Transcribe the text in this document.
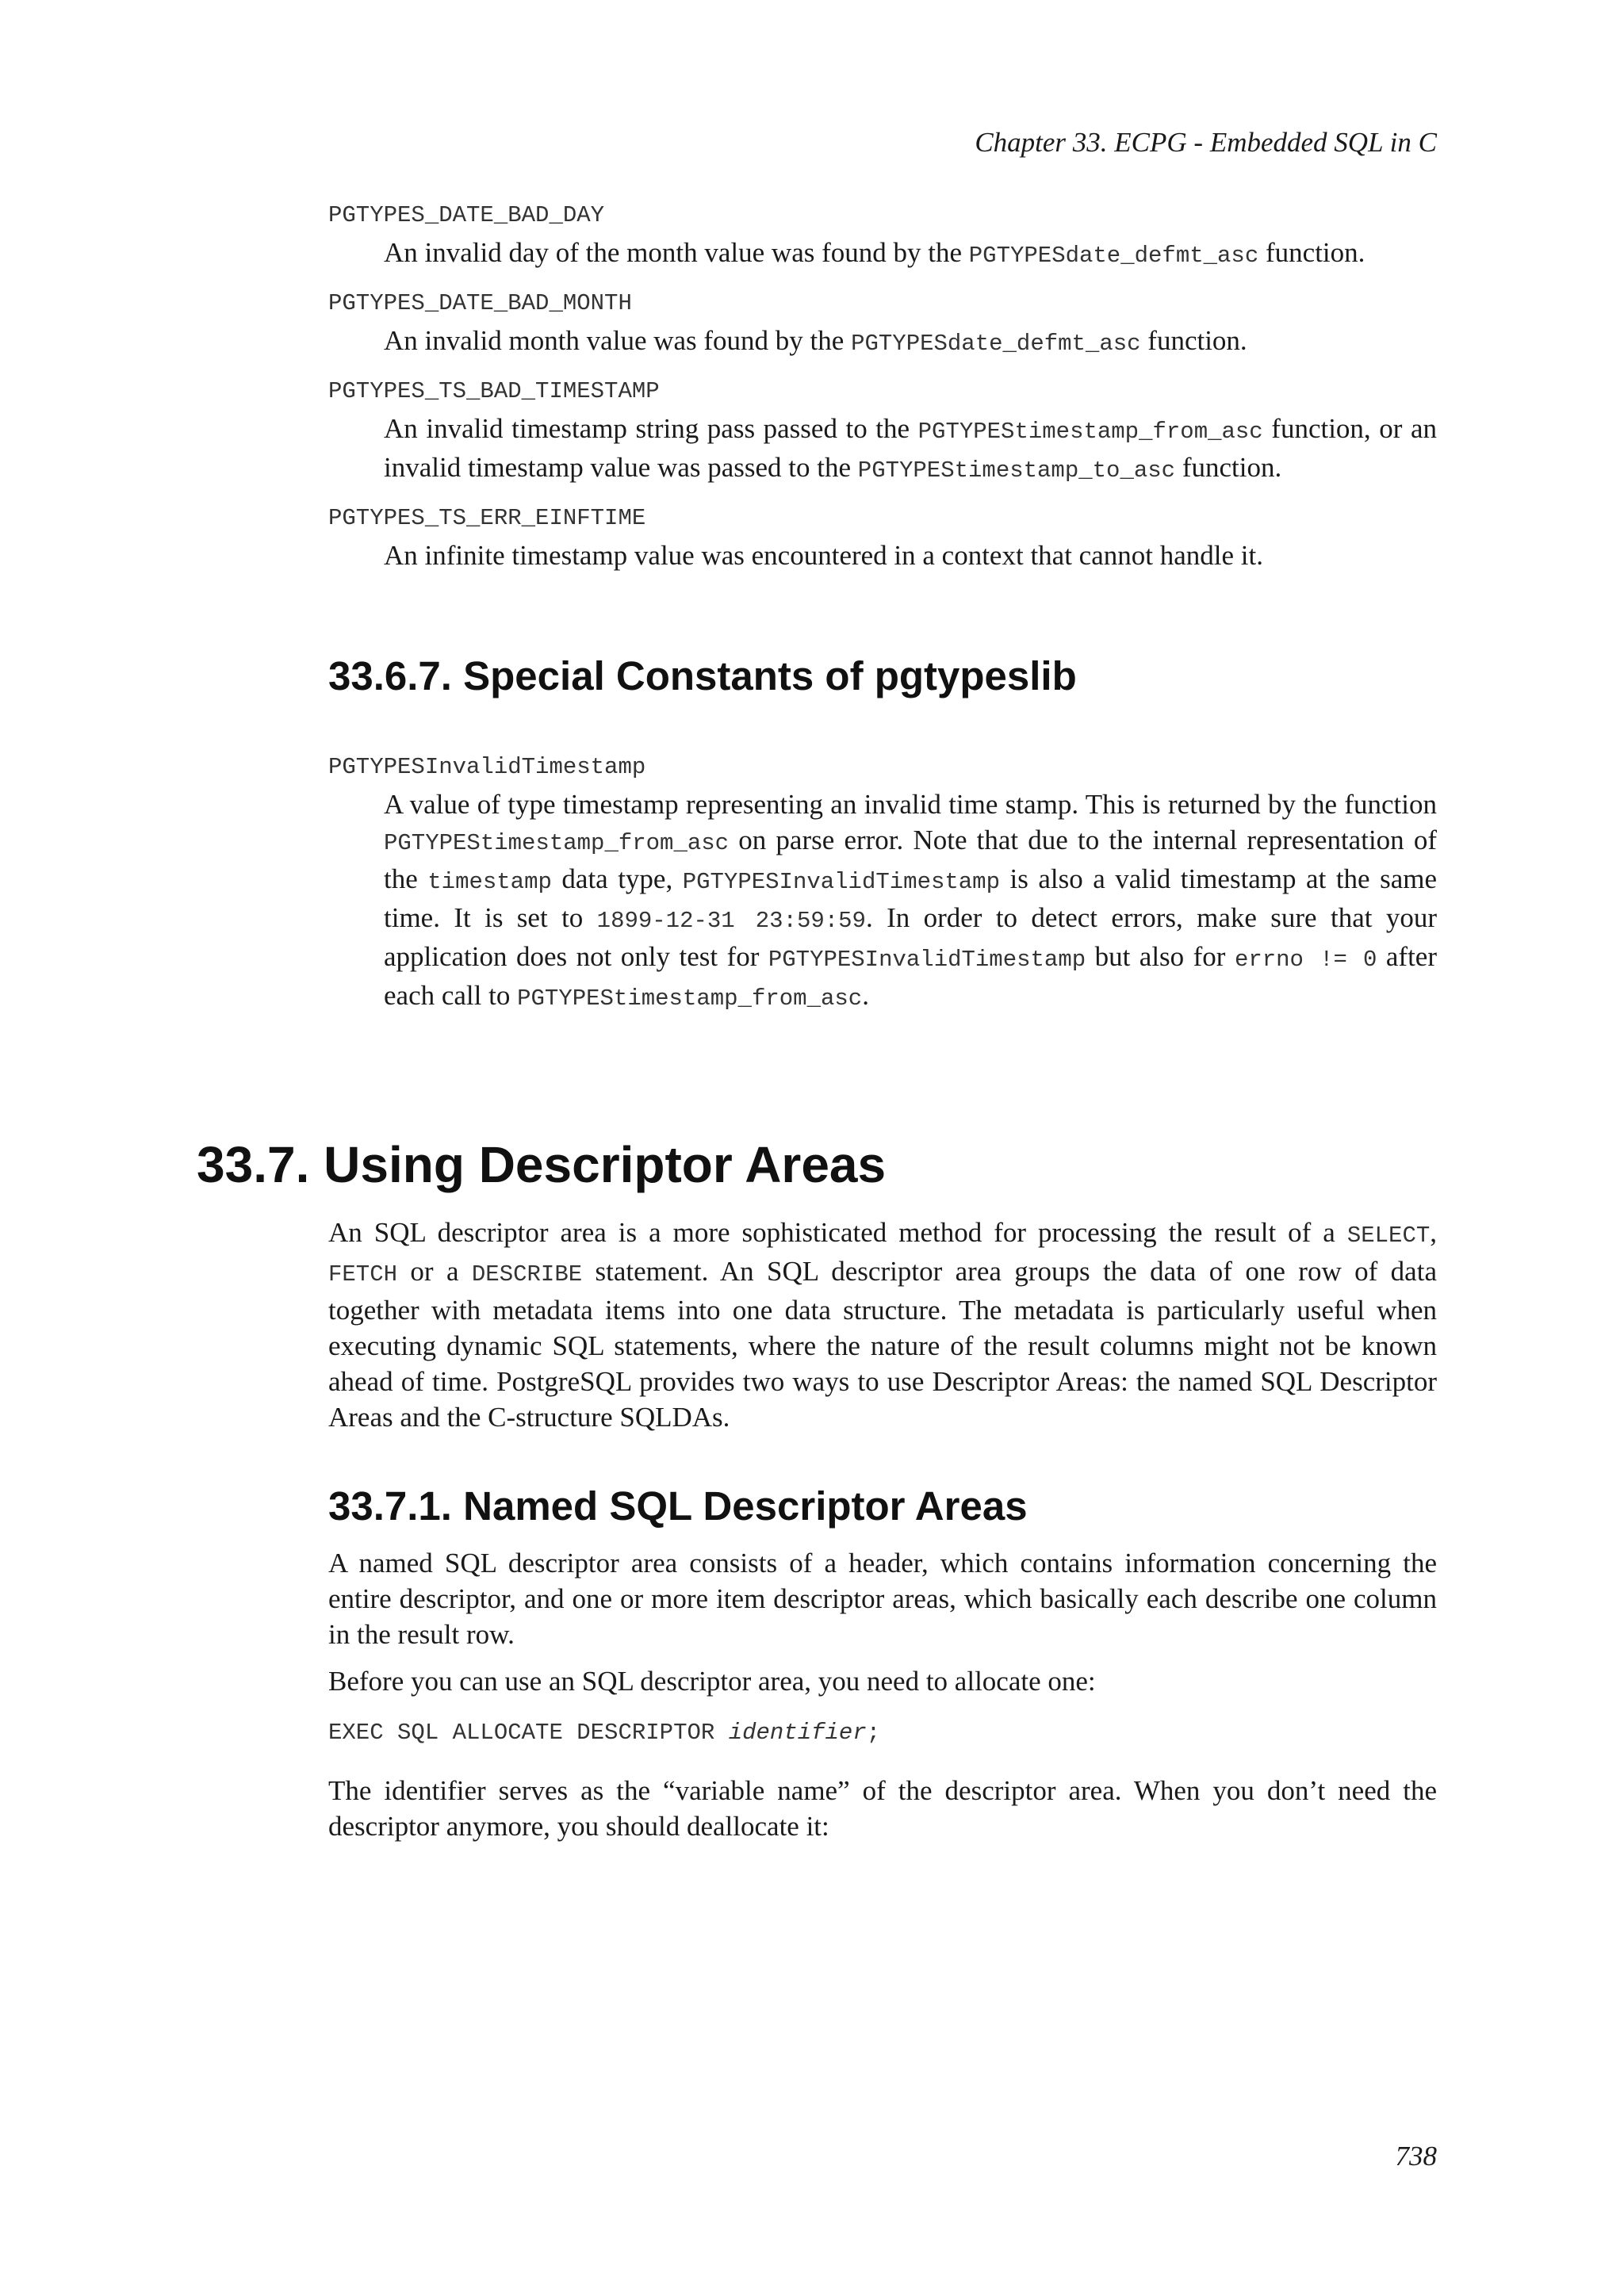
Chapter 33. ECPG - Embedded SQL in C

PGTYPES_DATE_BAD_DAY

An invalid day of the month value was found by the PGTYPESdate_defmt_asc function.

PGTYPES_DATE_BAD_MONTH

An invalid month value was found by the PGTYPESdate_defmt_asc function.

PGTYPES_TS_BAD_TIMESTAMP

An invalid timestamp string pass passed to the PGTYPEStimestamp_from_asc function, or an invalid timestamp value was passed to the PGTYPEStimestamp_to_asc function.

PGTYPES_TS_ERR_EINFTIME

An infinite timestamp value was encountered in a context that cannot handle it.

33.6.7. Special Constants of pgtypeslib

PGTYPESInvalidTimestamp

A value of type timestamp representing an invalid time stamp. This is returned by the function PGTYPEStimestamp_from_asc on parse error. Note that due to the internal representation of the timestamp data type, PGTYPESInvalidTimestamp is also a valid timestamp at the same time. It is set to 1899-12-31 23:59:59. In order to detect errors, make sure that your application does not only test for PGTYPESInvalidTimestamp but also for errno != 0 after each call to PGTYPEStimestamp_from_asc.

33.7. Using Descriptor Areas

An SQL descriptor area is a more sophisticated method for processing the result of a SELECT, FETCH or a DESCRIBE statement. An SQL descriptor area groups the data of one row of data together with metadata items into one data structure. The metadata is particularly useful when executing dynamic SQL statements, where the nature of the result columns might not be known ahead of time. PostgreSQL provides two ways to use Descriptor Areas: the named SQL Descriptor Areas and the C-structure SQLDAs.

33.7.1. Named SQL Descriptor Areas

A named SQL descriptor area consists of a header, which contains information concerning the entire descriptor, and one or more item descriptor areas, which basically each describe one column in the result row.

Before you can use an SQL descriptor area, you need to allocate one:

EXEC SQL ALLOCATE DESCRIPTOR identifier;

The identifier serves as the “variable name” of the descriptor area. When you don’t need the descriptor anymore, you should deallocate it:

738
